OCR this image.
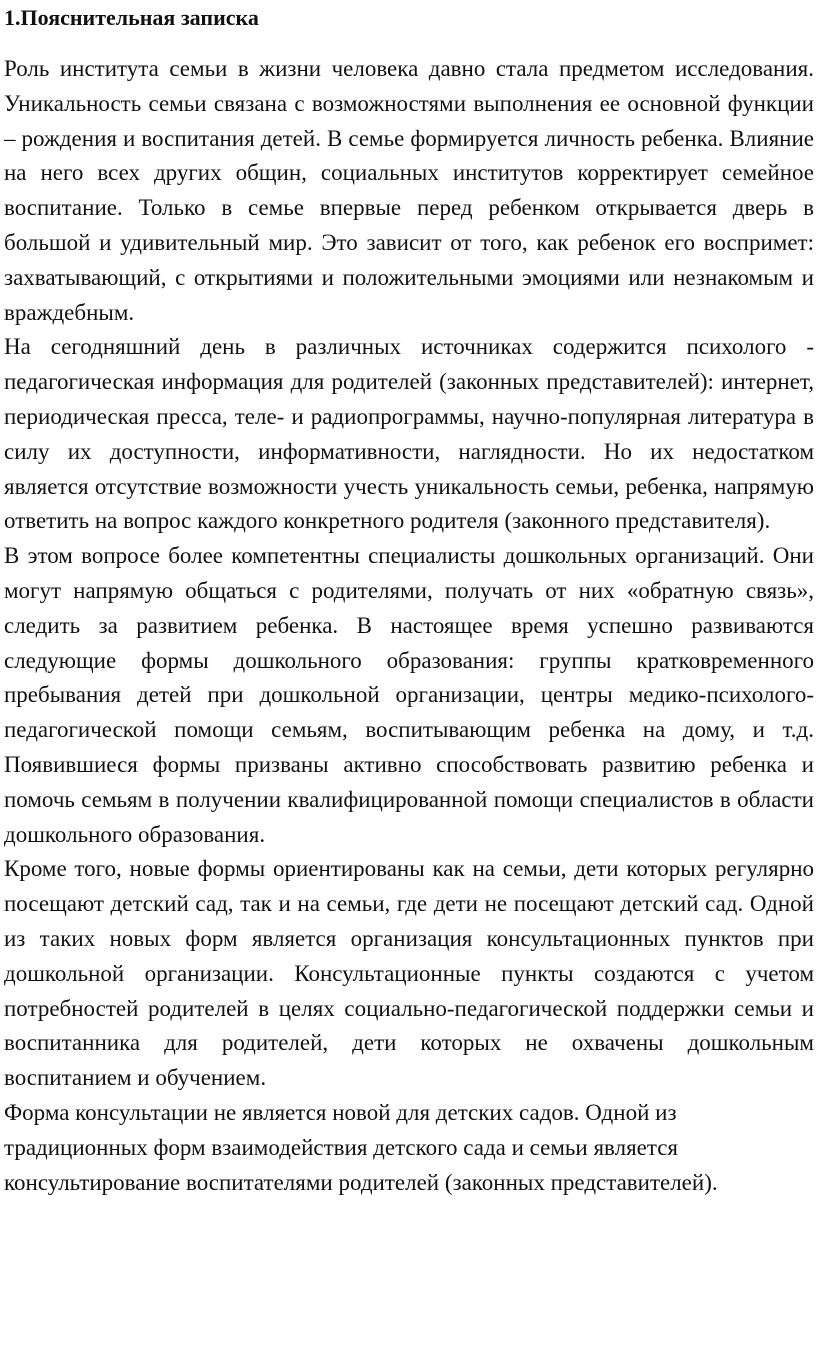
1.Пояснительная записка

Роль института семьи в жизни человека давно стала предметом исследования. Уникальность семьи связана с возможностями выполнения ее основной функции – рождения и воспитания детей. В семье формируется личность ребенка. Влияние на него всех других общин, социальных институтов корректирует семейное воспитание. Только в семье впервые перед ребенком открывается дверь в большой и удивительный мир. Это зависит от того, как ребенок его воспримет: захватывающий, с открытиями и положительными эмоциями или незнакомым и враждебным.

На сегодняшний день в различных источниках содержится психолого - педагогическая информация для родителей (законных представителей): интернет, периодическая пресса, теле- и радиопрограммы, научно-популярная литература в силу их доступности, информативности, наглядности. Но их недостатком является отсутствие возможности учесть уникальность семьи, ребенка, напрямую ответить на вопрос каждого конкретного родителя (законного представителя).

В этом вопросе более компетентны специалисты дошкольных организаций. Они могут напрямую общаться с родителями, получать от них «обратную связь», следить за развитием ребенка. В настоящее время успешно развиваются следующие формы дошкольного образования: группы кратковременного пребывания детей при дошкольной организации, центры медико-психолого-педагогической помощи семьям, воспитывающим ребенка на дому, и т.д. Появившиеся формы призваны активно способствовать развитию ребенка и помочь семьям в получении квалифицированной помощи специалистов в области дошкольного образования.

Кроме того, новые формы ориентированы как на семьи, дети которых регулярно посещают детский сад, так и на семьи, где дети не посещают детский сад. Одной из таких новых форм является организация консультационных пунктов при дошкольной организации. Консультационные пункты создаются с учетом потребностей родителей в целях социально-педагогической поддержки семьи и воспитанника для родителей, дети которых не охвачены дошкольным воспитанием и обучением.

Форма консультации не является новой для детских садов. Одной из традиционных форм взаимодействия детского сада и семьи является консультирование воспитателями родителей (законных представителей).
